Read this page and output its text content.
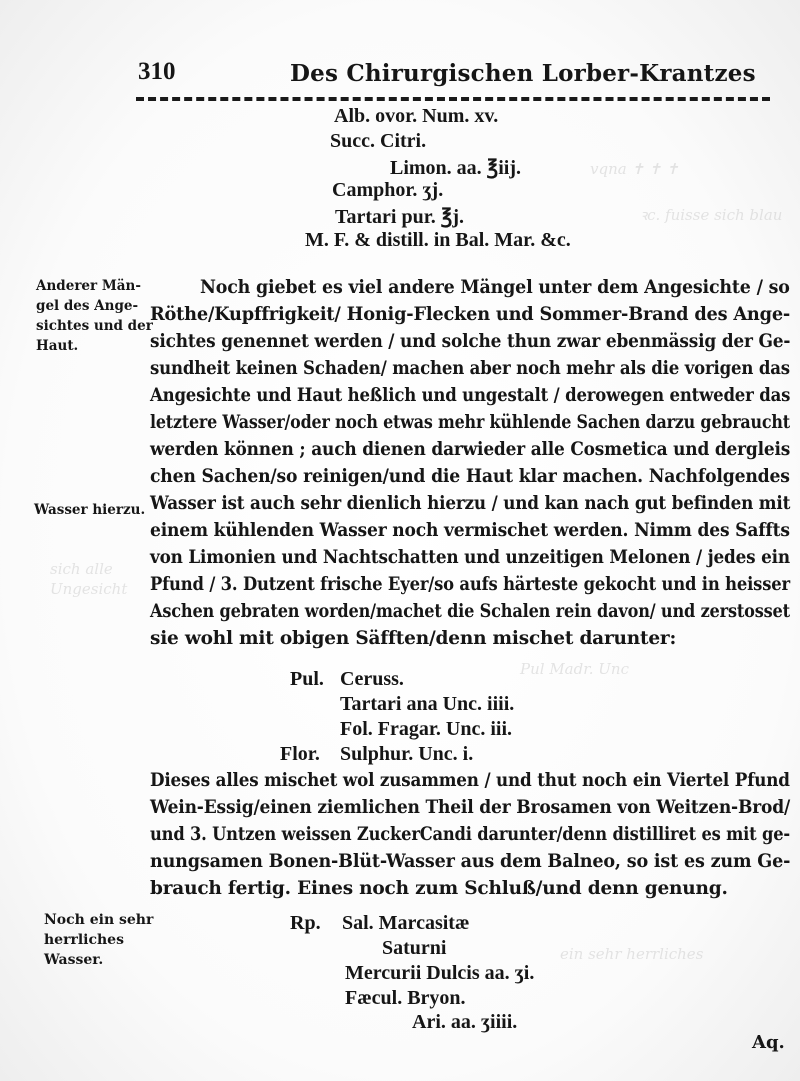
vqna ✝ ✝ ✝
ꝛc. fuisse sich blau
sich alle
Ungesicht
Pul Madr. Unc
ein sehr herrliches
310	Des Chirurgischen Lorber-Krantzes
Alb. ovor. Num. xv.
Succ. Citri.
Limon. aa. ℥iij.
Camphor. ʒj.
Tartari pur. ℥j.
M. F. & distill. in Bal. Mar. &c.
Anderer Män-
gel des Ange-
sichtes und der
Haut.
Wasser hierzu.
Noch ein sehr
herrliches
Wasser.
Noch giebet es viel andere Mängel unter dem Angesichte / so
Röthe/Kupffrigkeit/ Honig-Flecken und Sommer-Brand des Ange-
sichtes genennet werden / und solche thun zwar ebenmässig der Ge-
sundheit keinen Schaden/ machen aber noch mehr als die vorigen das
Angesichte und Haut heßlich und ungestalt / derowegen entweder das
letztere Wasser/oder noch etwas mehr kühlende Sachen darzu gebraucht
werden können ; auch dienen darwieder alle Cosmetica und dergleis
chen Sachen/so reinigen/und die Haut klar machen. Nachfolgendes
Wasser ist auch sehr dienlich hierzu / und kan nach gut befinden mit
einem kühlenden Wasser noch vermischet werden. Nimm des Saffts
von Limonien und Nachtschatten und unzeitigen Melonen / jedes ein
Pfund / 3. Dutzent frische Eyer/so aufs härteste gekocht und in heisser
Aschen gebraten worden/machet die Schalen rein davon/ und zerstosset
sie wohl mit obigen Säfften/denn mischet darunter:
Pul. Ceruss.
Tartari ana Unc. iiii.
Fol. Fragar. Unc. iii.
Flor. Sulphur. Unc. i.
Dieses alles mischet wol zusammen / und thut noch ein Viertel Pfund
Wein-Essig/einen ziemlichen Theil der Brosamen von Weitzen-Brod/
und 3. Untzen weissen ZuckerCandi darunter/denn distilliret es mit ge-
nungsamen Bonen-Blüt-Wasser aus dem Balneo, so ist es zum Ge-
brauch fertig. Eines noch zum Schluß/und denn genung.
Rp. Sal. Marcasitæ
Saturni
Mercurii Dulcis aa. ʒi.
Fæcul. Bryon.
Ari. aa. ʒiiii.
Aq.
